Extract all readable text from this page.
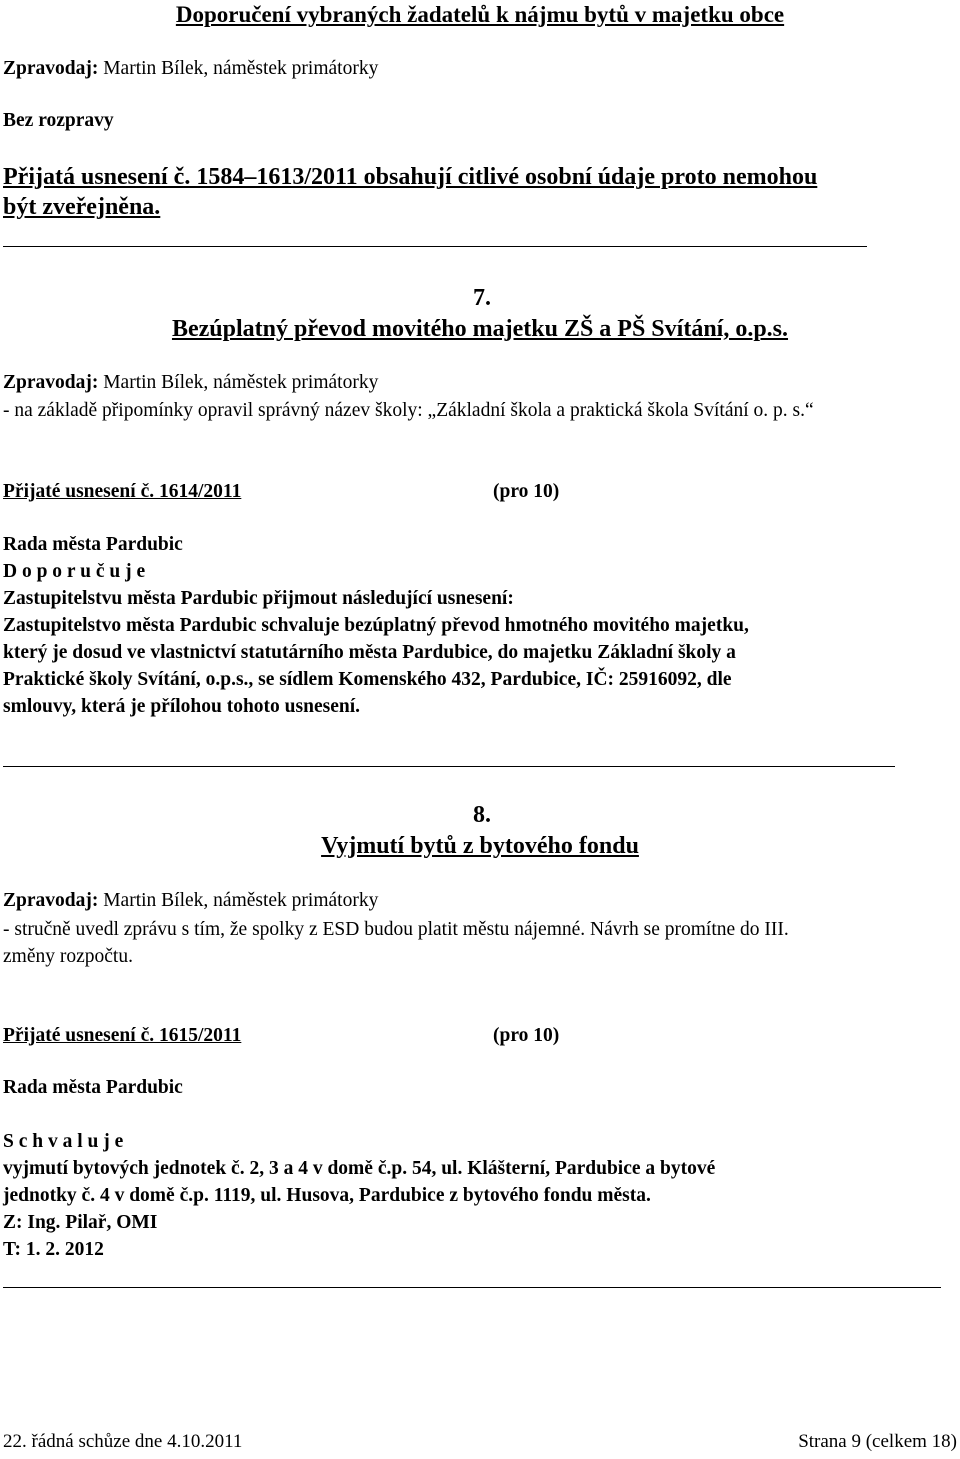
Doporučení vybraných žadatelů k nájmu bytů v majetku obce
Zpravodaj: Martin Bílek, náměstek primátorky
Bez rozpravy
Přijatá usnesení č. 1584–1613/2011 obsahují citlivé osobní údaje proto nemohou
být zveřejněna.
7.
Bezúplatný převod movitého majetku ZŠ a PŠ Svítání, o.p.s.
Zpravodaj: Martin Bílek, náměstek primátorky
- na základě připomínky opravil správný název školy: „Základní škola a praktická škola Svítání o. p. s.“
Přijaté usnesení č. 1614/2011	(pro 10)
Rada města Pardubic
D o p o r u č u j e
Zastupitelstvu města Pardubic přijmout následující usnesení:
Zastupitelstvo města Pardubic schvaluje bezúplatný převod hmotného movitého majetku,
který je dosud ve vlastnictví statutárního města Pardubice, do majetku Základní školy a
Praktické školy Svítání, o.p.s., se sídlem Komenského 432, Pardubice, IČ: 25916092, dle
smlouvy, která je přílohou tohoto usnesení.
8.
Vyjmutí bytů z bytového fondu
Zpravodaj: Martin Bílek, náměstek primátorky
- stručně uvedl zprávu s tím, že spolky z ESD budou platit městu nájemné. Návrh se promítne do III.
změny rozpočtu.
Přijaté usnesení č. 1615/2011	(pro 10)
Rada města Pardubic
S c h v a l u j e
vyjmutí bytových jednotek č. 2, 3 a 4 v domě č.p. 54, ul. Klášterní, Pardubice a bytové
jednotky č. 4 v domě č.p. 1119, ul. Husova, Pardubice z bytového fondu města.
Z: Ing. Pilař, OMI
T: 1. 2. 2012
22. řádná schůze dne 4.10.2011	Strana 9 (celkem 18)
